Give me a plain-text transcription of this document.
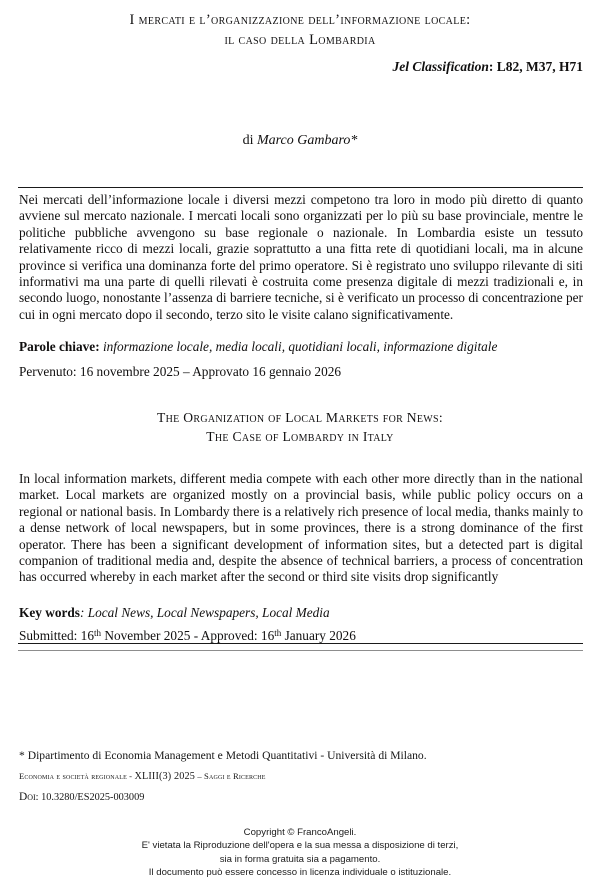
I mercati e l’organizzazione dell’informazione locale:
il caso della Lombardia
Jel Classification: L82, M37, H71
di Marco Gambaro*

Nei mercati dell’informazione locale i diversi mezzi competono tra loro in modo più diretto di quanto avviene sul mercato nazionale. I mercati locali sono organizzati per lo più su base provinciale, mentre le politiche pubbliche avvengono su base regionale o nazionale. In Lombardia esiste un tessuto relativamente ricco di mezzi locali, grazie soprattutto a una fitta rete di quotidiani locali, ma in alcune province si verifica una dominanza forte del primo operatore. Si è registrato uno sviluppo rilevante di siti informativi ma una parte di quelli rilevati è costruita come presenza digitale di mezzi tradizionali e, in secondo luogo, nonostante l’assenza di barriere tecniche, si è verificato un processo di concentrazione per cui in ogni mercato dopo il secondo, terzo sito le visite calano significativamente.

Parole chiave: informazione locale, media locali, quotidiani locali, informazione digitale
Pervenuto: 16 novembre 2025 – Approvato 16 gennaio 2026
The Organization of Local Markets for News:
The Case of Lombardy in Italy

In local information markets, different media compete with each other more directly than in the national market. Local markets are organized mostly on a provincial basis, while public policy occurs on a regional or national basis. In Lombardy there is a relatively rich presence of local media, thanks mainly to a dense network of local newspapers, but in some provinces, there is a strong dominance of the first operator. There has been a significant development of information sites, but a detected part is digital companion of traditional media and, despite the absence of technical barriers, a process of concentration has occurred whereby in each market after the second or third site visits drop significantly

Key words: Local News, Local Newspapers, Local Media
Submitted: 16th November 2025 - Approved: 16th January 2026
* Dipartimento di Economia Management e Metodi Quantitativi - Università di Milano.
Economia e società regionale - XLIII(3) 2025 – Saggi e Ricerche
Doi: 10.3280/ES2025-003009
Copyright © FrancoAngeli.
E' vietata la Riproduzione dell'opera e la sua messa a disposizione di terzi,
sia in forma gratuita sia a pagamento.
Il documento può essere concesso in licenza individuale o istituzionale.
